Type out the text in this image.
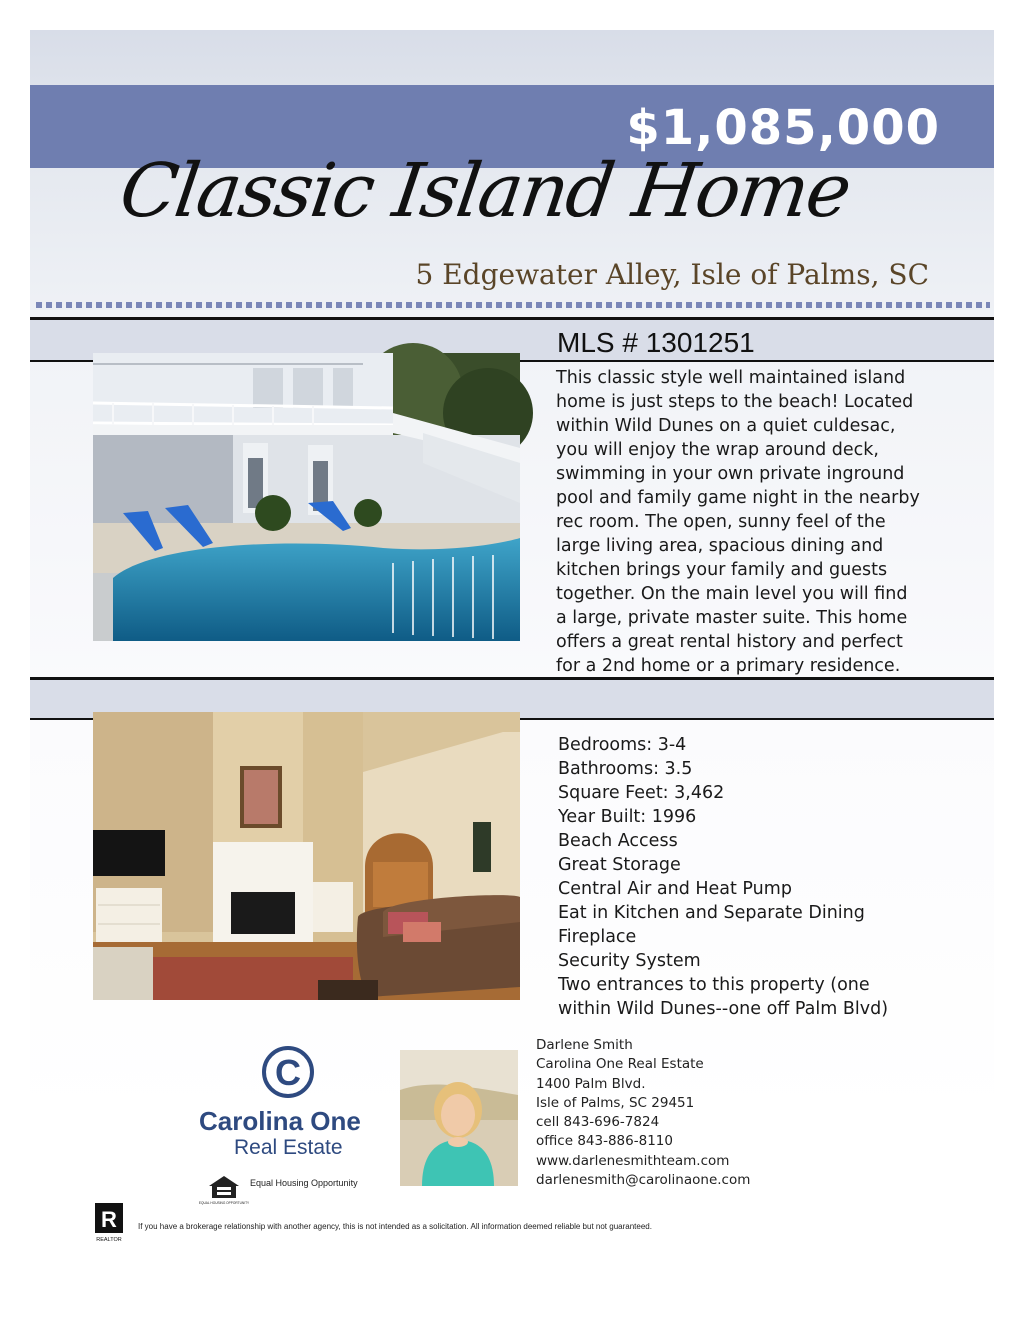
$1,085,000
Classic Island Home
5 Edgewater Alley, Isle of Palms, SC
MLS # 1301251
This classic style well maintained island
home is just steps to the beach! Located
within Wild Dunes on a quiet culdesac,
you will enjoy the wrap around deck,
swimming in your own private inground
pool and family game night in the nearby
rec room. The open, sunny feel of the
large living area, spacious dining and
kitchen brings your family and guests
together. On the main level you will find
a large, private master suite. This home
offers a great rental history and perfect
for a 2nd home or a primary residence.
Bedrooms: 3-4
Bathrooms: 3.5
Square Feet: 3,462
Year Built: 1996
Beach Access
Great Storage
Central Air and Heat Pump
Eat in Kitchen and Separate Dining
Fireplace
Security System
Two entrances to this property (one
within Wild Dunes--one off Palm Blvd)
C
Carolina One
Real Estate
EQUAL HOUSING OPPORTUNITY
Equal Housing Opportunity
Darlene Smith
Carolina One Real Estate
1400 Palm Blvd.
Isle of Palms, SC 29451
cell 843-696-7824
office 843-886-8110
www.darlenesmithteam.com
darlenesmith@carolinaone.com
R
REALTOR
If you have a brokerage relationship with another agency, this is not intended as a solicitation. All information deemed reliable but not guaranteed.
